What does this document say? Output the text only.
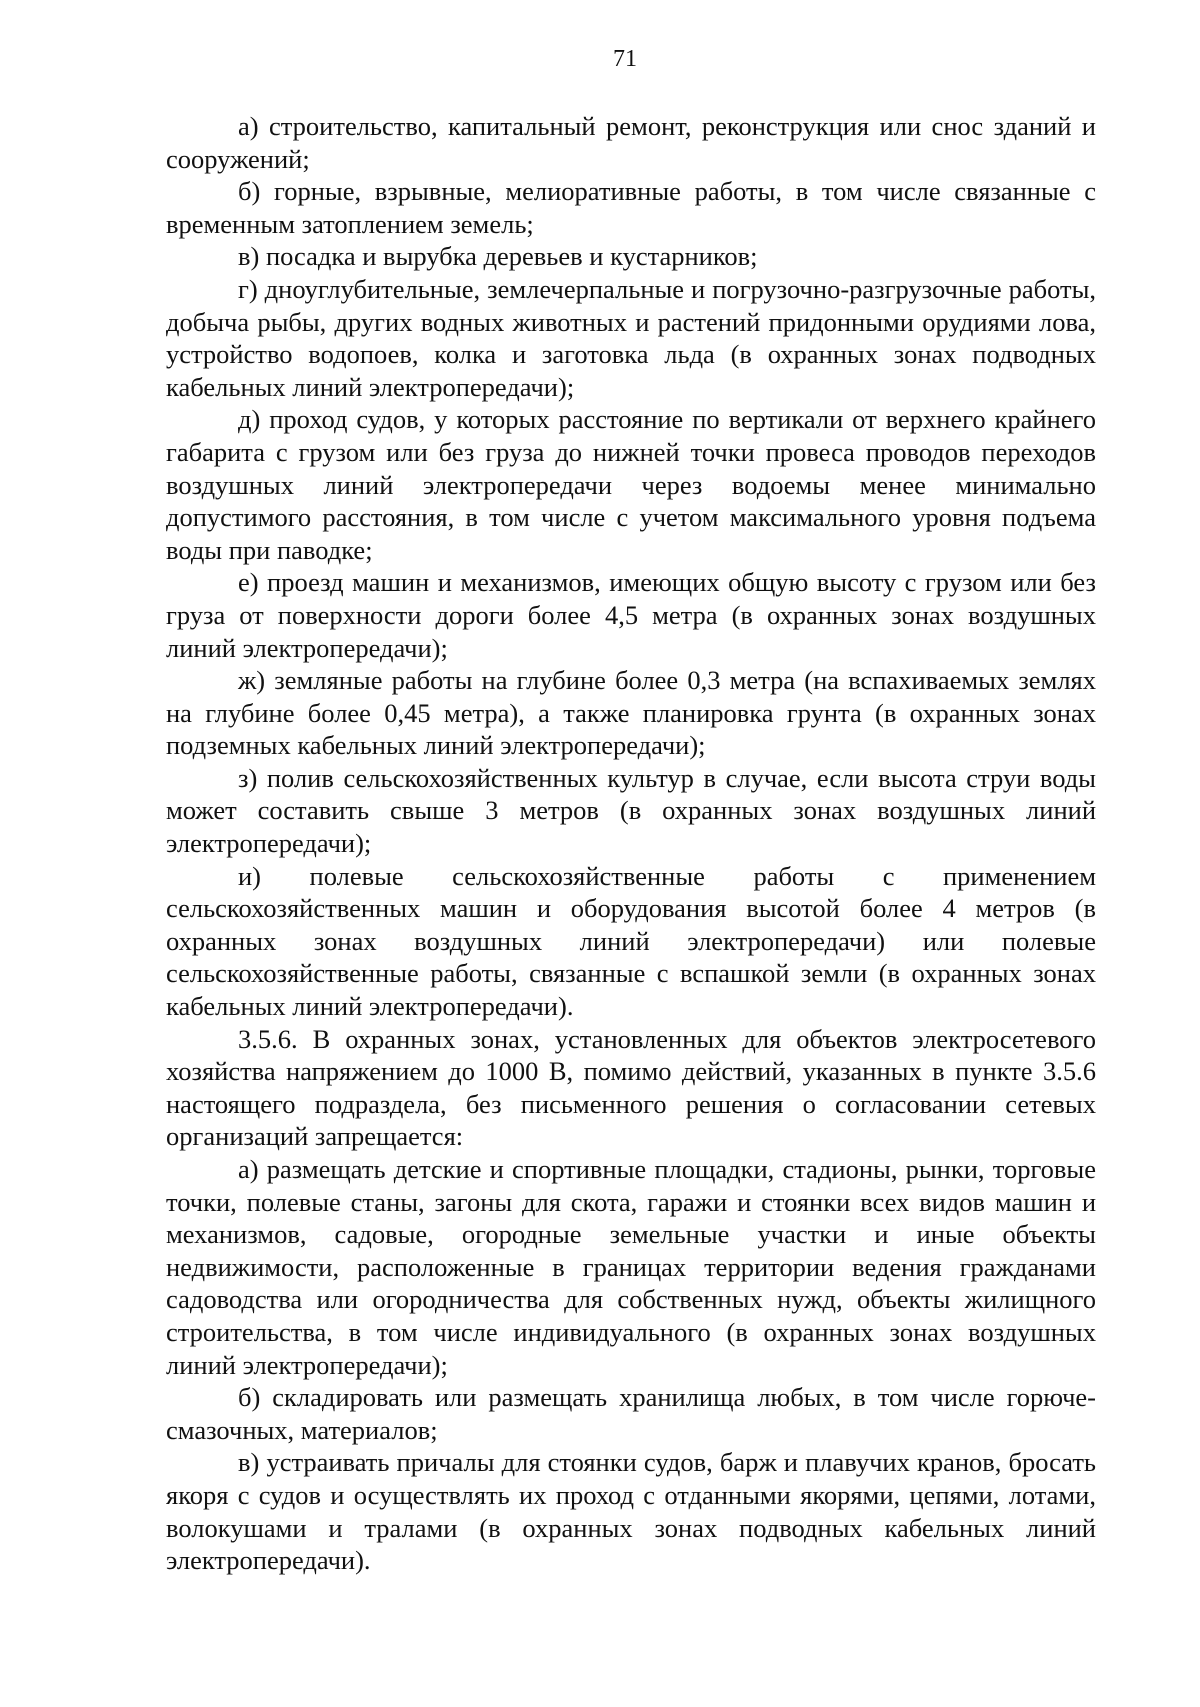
71

а) строительство, капитальный ремонт, реконструкция или снос зданий и сооружений;

б) горные, взрывные, мелиоративные работы, в том числе связанные с временным затоплением земель;

в) посадка и вырубка деревьев и кустарников;

г) дноуглубительные, землечерпальные и погрузочно-разгрузочные работы, добыча рыбы, других водных животных и растений придонными орудиями лова, устройство водопоев, колка и заготовка льда (в охранных зонах подводных кабельных линий электропередачи);

д) проход судов, у которых расстояние по вертикали от верхнего крайнего габарита с грузом или без груза до нижней точки провеса проводов переходов воздушных линий электропередачи через водоемы менее минимально допустимого расстояния, в том числе с учетом максимального уровня подъема воды при паводке;

е) проезд машин и механизмов, имеющих общую высоту с грузом или без груза от поверхности дороги более 4,5 метра (в охранных зонах воздушных линий электропередачи);

ж) земляные работы на глубине более 0,3 метра (на вспахиваемых землях на глубине более 0,45 метра), а также планировка грунта (в охранных зонах подземных кабельных линий электропередачи);

з) полив сельскохозяйственных культур в случае, если высота струи воды может составить свыше 3 метров (в охранных зонах воздушных линий электропередачи);

и) полевые сельскохозяйственные работы с применением сельскохозяйственных машин и оборудования высотой более 4 метров (в охранных зонах воздушных линий электропередачи) или полевые сельскохозяйственные работы, связанные с вспашкой земли (в охранных зонах кабельных линий электропередачи).

3.5.6. В охранных зонах, установленных для объектов электросетевого хозяйства напряжением до 1000 В, помимо действий, указанных в пункте 3.5.6 настоящего подраздела, без письменного решения о согласовании сетевых организаций запрещается:

а) размещать детские и спортивные площадки, стадионы, рынки, торговые точки, полевые станы, загоны для скота, гаражи и стоянки всех видов машин и механизмов, садовые, огородные земельные участки и иные объекты недвижимости, расположенные в границах территории ведения гражданами садоводства или огородничества для собственных нужд, объекты жилищного строительства, в том числе индивидуального (в охранных зонах воздушных линий электропередачи);

б) складировать или размещать хранилища любых, в том числе горюче-смазочных, материалов;

в) устраивать причалы для стоянки судов, барж и плавучих кранов, бросать якоря с судов и осуществлять их проход с отданными якорями, цепями, лотами, волокушами и тралами (в охранных зонах подводных кабельных линий электропередачи).
